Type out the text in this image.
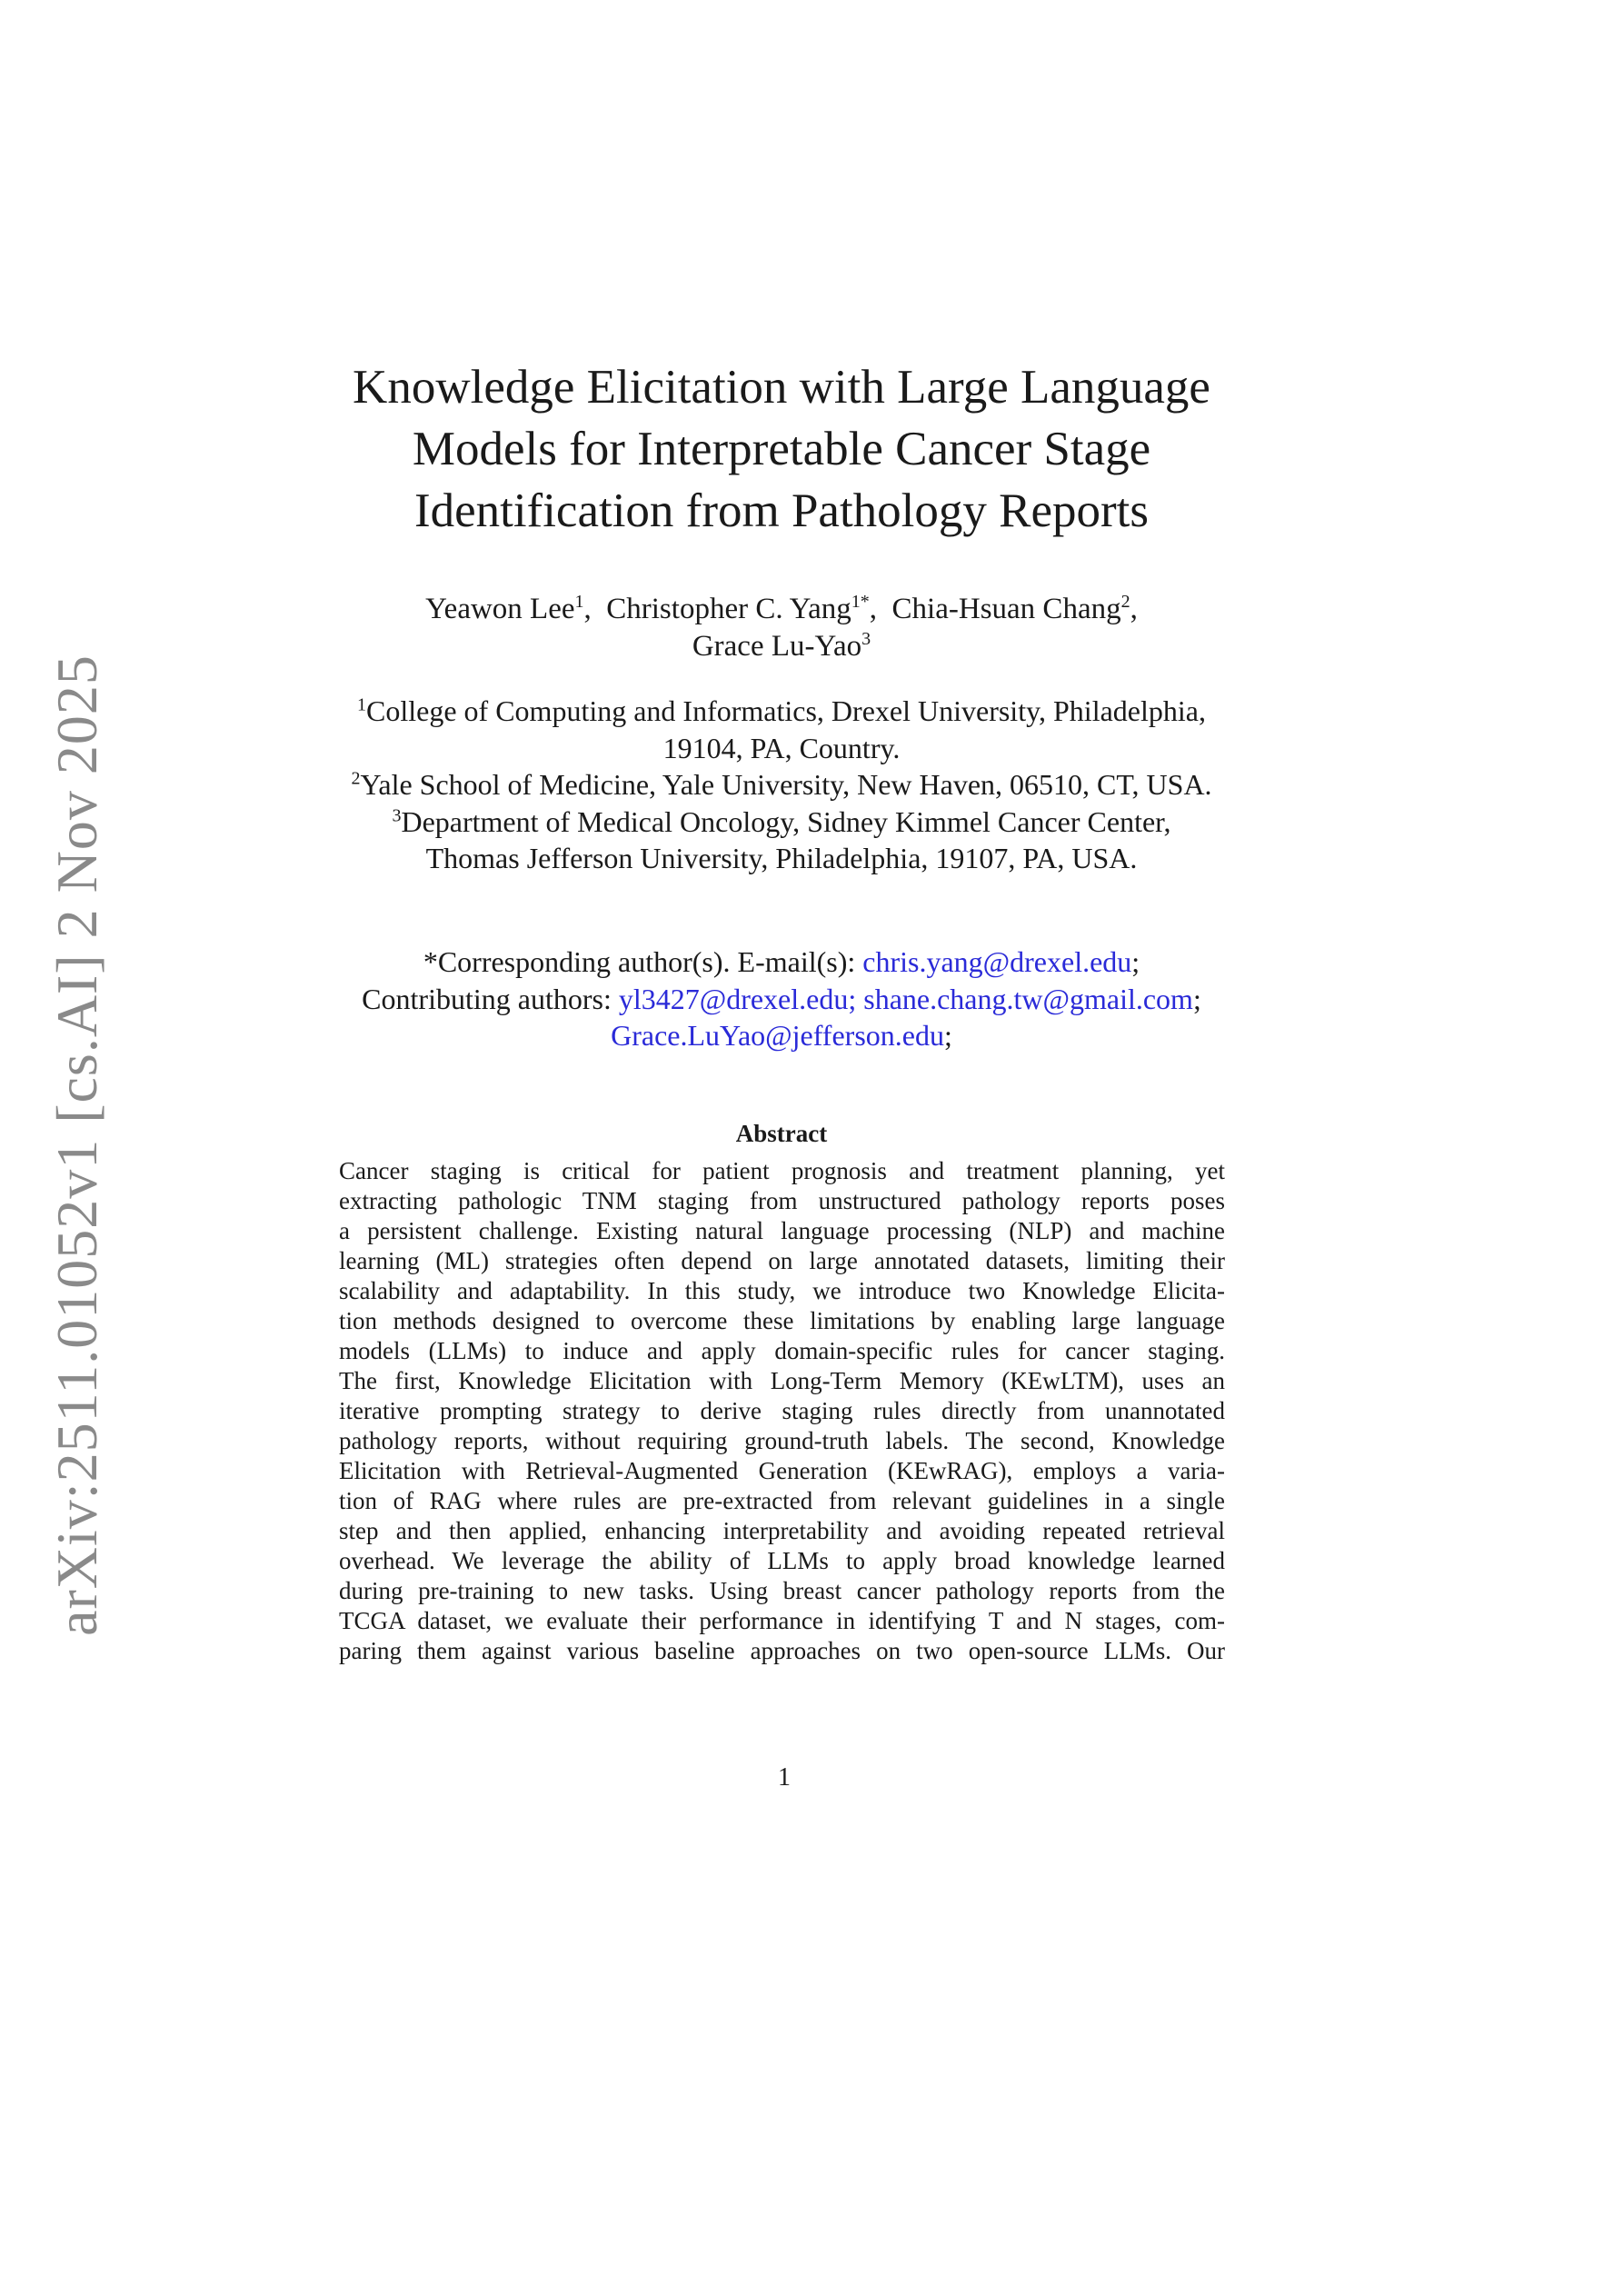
arXiv:2511.01052v1 [cs.AI] 2 Nov 2025
Knowledge Elicitation with Large Language
Models for Interpretable Cancer Stage
Identification from Pathology Reports
Yeawon Lee$^1$,  Christopher C. Yang$^{1*}$,  Chia-Hsuan Chang$^2$,
Grace Lu-Yao$^3$
$^1$College of Computing and Informatics, Drexel University, Philadelphia,
19104, PA, Country.
$^2$Yale School of Medicine, Yale University, New Haven, 06510, CT, USA.
$^3$Department of Medical Oncology, Sidney Kimmel Cancer Center,
Thomas Jefferson University, Philadelphia, 19107, PA, USA.
*Corresponding author(s). E-mail(s): chris.yang@drexel.edu;
Contributing authors: yl3427@drexel.edu; shane.chang.tw@gmail.com;
Grace.LuYao@jefferson.edu;
Abstract
Cancer staging is critical for patient prognosis and treatment planning, yet
extracting pathologic TNM staging from unstructured pathology reports poses
a persistent challenge. Existing natural language processing (NLP) and machine
learning (ML) strategies often depend on large annotated datasets, limiting their
scalability and adaptability. In this study, we introduce two Knowledge Elicita-
tion methods designed to overcome these limitations by enabling large language
models (LLMs) to induce and apply domain-specific rules for cancer staging.
The first, Knowledge Elicitation with Long-Term Memory (KEwLTM), uses an
iterative prompting strategy to derive staging rules directly from unannotated
pathology reports, without requiring ground-truth labels. The second, Knowledge
Elicitation with Retrieval-Augmented Generation (KEwRAG), employs a varia-
tion of RAG where rules are pre-extracted from relevant guidelines in a single
step and then applied, enhancing interpretability and avoiding repeated retrieval
overhead. We leverage the ability of LLMs to apply broad knowledge learned
during pre-training to new tasks. Using breast cancer pathology reports from the
TCGA dataset, we evaluate their performance in identifying T and N stages, com-
paring them against various baseline approaches on two open-source LLMs. Our
1
